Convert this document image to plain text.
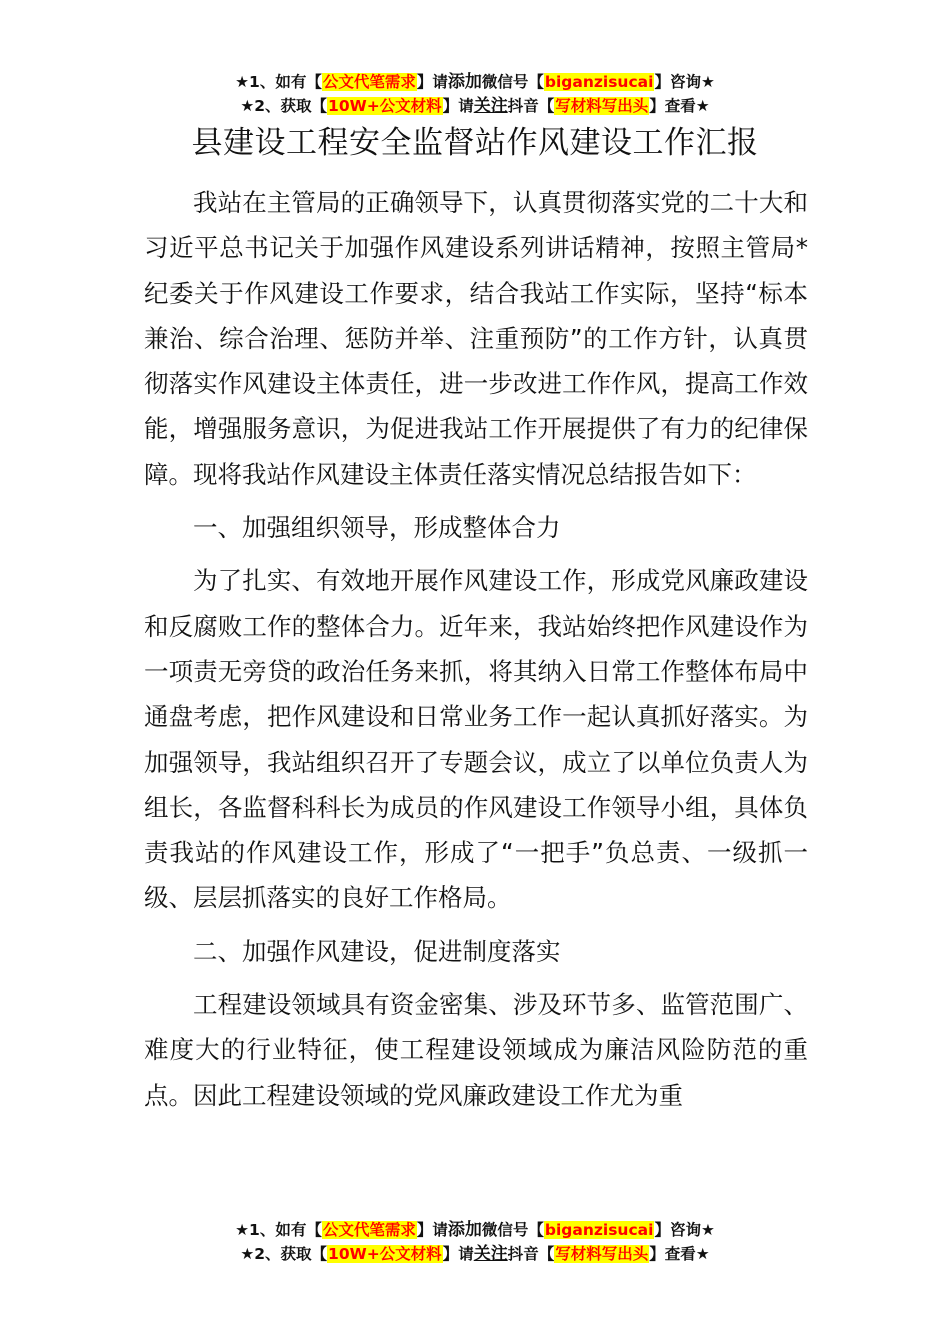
★1、如有【公文代笔需求】请添加微信号【biganzisucai】咨询★
★2、获取【10W+公文材料】请关注抖音【写材料写出头】查看★
县建设工程安全监督站作风建设工作汇报

我站在主管局的正确领导下，认真贯彻落实党的二十大和习近平总书记关于加强作风建设系列讲话精神，按照主管局*纪委关于作风建设工作要求，结合我站工作实际，坚持“标本兼治、综合治理、惩防并举、注重预防”的工作方针，认真贯彻落实作风建设主体责任，进一步改进工作作风，提高工作效能，增强服务意识，为促进我站工作开展提供了有力的纪律保障。现将我站作风建设主体责任落实情况总结报告如下：

一、加强组织领导，形成整体合力

为了扎实、有效地开展作风建设工作，形成党风廉政建设和反腐败工作的整体合力。近年来，我站始终把作风建设作为一项责无旁贷的政治任务来抓，将其纳入日常工作整体布局中通盘考虑，把作风建设和日常业务工作一起认真抓好落实。为加强领导，我站组织召开了专题会议，成立了以单位负责人为组长，各监督科科长为成员的作风建设工作领导小组，具体负责我站的作风建设工作，形成了“一把手”负总责、一级抓一级、层层抓落实的良好工作格局。

二、加强作风建设，促进制度落实

工程建设领域具有资金密集、涉及环节多、监管范围广、难度大的行业特征，使工程建设领域成为廉洁风险防范的重点。因此工程建设领域的党风廉政建设工作尤为重

★1、如有【公文代笔需求】请添加微信号【biganzisucai】咨询★
★2、获取【10W+公文材料】请关注抖音【写材料写出头】查看★
